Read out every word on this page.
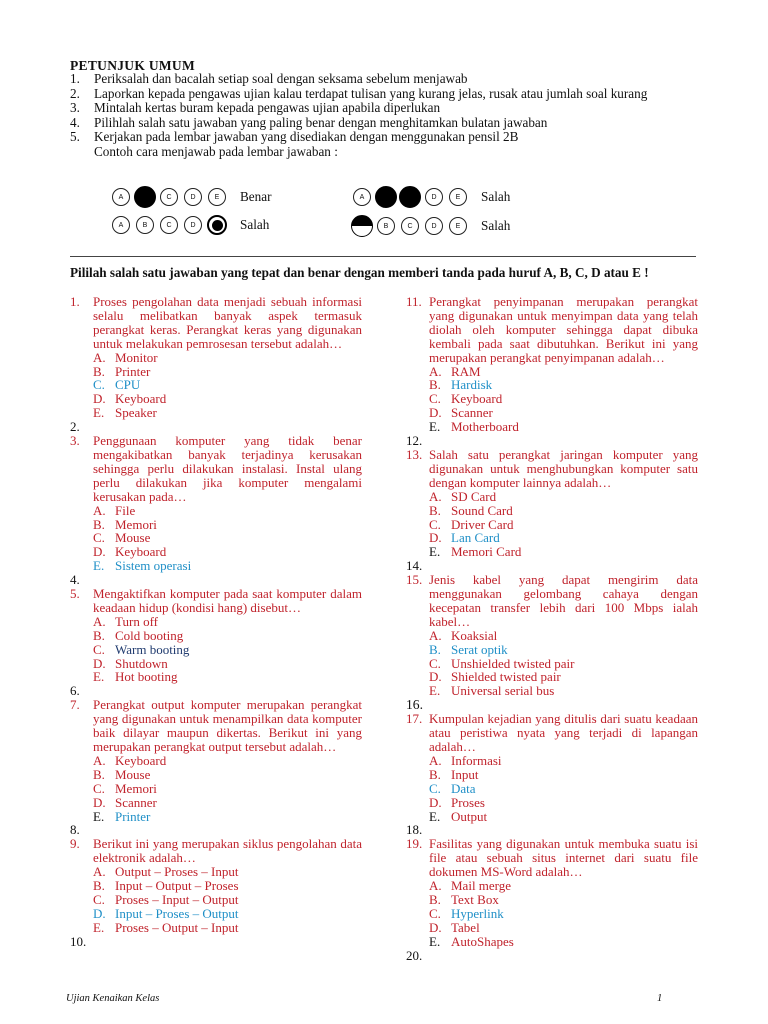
PETUNJUK UMUM
1.	Periksalah dan bacalah setiap soal dengan seksama sebelum menjawab
2.	Laporkan kepada pengawas ujian kalau terdapat tulisan yang kurang jelas, rusak atau jumlah soal kurang
3.	Mintalah kertas buram kepada pengawas ujian apabila diperlukan
4.	Pilihlah salah satu jawaban yang paling benar dengan menghitamkan bulatan jawaban
5.	Kerjakan pada lembar jawaban yang disediakan dengan menggunakan pensil 2B
Contoh cara menjawab pada lembar jawaban :
A	C	D	E	Benar	A	D	E	Salah
A	B	C	D	Salah	B	C	D	E	Salah
Pililah salah satu jawaban yang tepat dan benar dengan memberi tanda pada huruf A, B, C, D atau E !
1.	Proses pengolahan data menjadi sebuah informasi selalu melibatkan banyak aspek termasuk perangkat keras. Perangkat keras yang digunakan untuk melakukan pemrosesan tersebut adalah…
A. Monitor
B. Printer
C. CPU
D. Keyboard
E. Speaker
2.
3.	Penggunaan komputer yang tidak benar mengakibatkan banyak terjadinya kerusakan sehingga perlu dilakukan instalasi. Instal ulang perlu dilakukan jika komputer mengalami kerusakan pada…
A. File
B. Memori
C. Mouse
D. Keyboard
E. Sistem operasi
4.
5.	Mengaktifkan komputer pada saat komputer dalam keadaan hidup (kondisi hang) disebut…
A. Turn off
B. Cold booting
C. Warm booting
D. Shutdown
E. Hot booting
6.
7.	Perangkat output komputer merupakan perangkat yang digunakan untuk menampilkan data komputer baik dilayar maupun dikertas. Berikut ini yang merupakan perangkat output tersebut adalah…
A. Keyboard
B. Mouse
C. Memori
D. Scanner
E. Printer
8.
9.	Berikut ini yang merupakan siklus pengolahan data elektronik adalah…
A. Output – Proses – Input
B. Input – Output – Proses
C. Proses – Input – Output
D. Input – Proses – Output
E. Proses – Output – Input
10.
11. Perangkat penyimpanan merupakan perangkat yang digunakan untuk menyimpan data yang telah diolah oleh komputer sehingga dapat dibuka kembali pada saat dibutuhkan. Berikut ini yang merupakan perangkat penyimpanan adalah…
A. RAM
B. Hardisk
C. Keyboard
D. Scanner
E. Motherboard
12.
13. Salah satu perangkat jaringan komputer yang digunakan untuk menghubungkan komputer satu dengan komputer lainnya adalah…
A. SD Card
B. Sound Card
C. Driver Card
D. Lan Card
E. Memori Card
14.
15. Jenis kabel yang dapat mengirim data menggunakan gelombang cahaya dengan kecepatan transfer lebih dari 100 Mbps ialah kabel…
A. Koaksial
B. Serat optik
C. Unshielded twisted pair
D. Shielded twisted pair
E. Universal serial bus
16.
17. Kumpulan kejadian yang ditulis dari suatu keadaan atau peristiwa nyata yang terjadi di lapangan adalah…
A. Informasi
B. Input
C. Data
D. Proses
E. Output
18.
19. Fasilitas yang digunakan untuk membuka suatu isi file atau sebuah situs internet dari suatu file dokumen MS-Word adalah…
A. Mail merge
B. Text Box
C. Hyperlink
D. Tabel
E. AutoShapes
20.
Ujian Kenaikan Kelas	1
